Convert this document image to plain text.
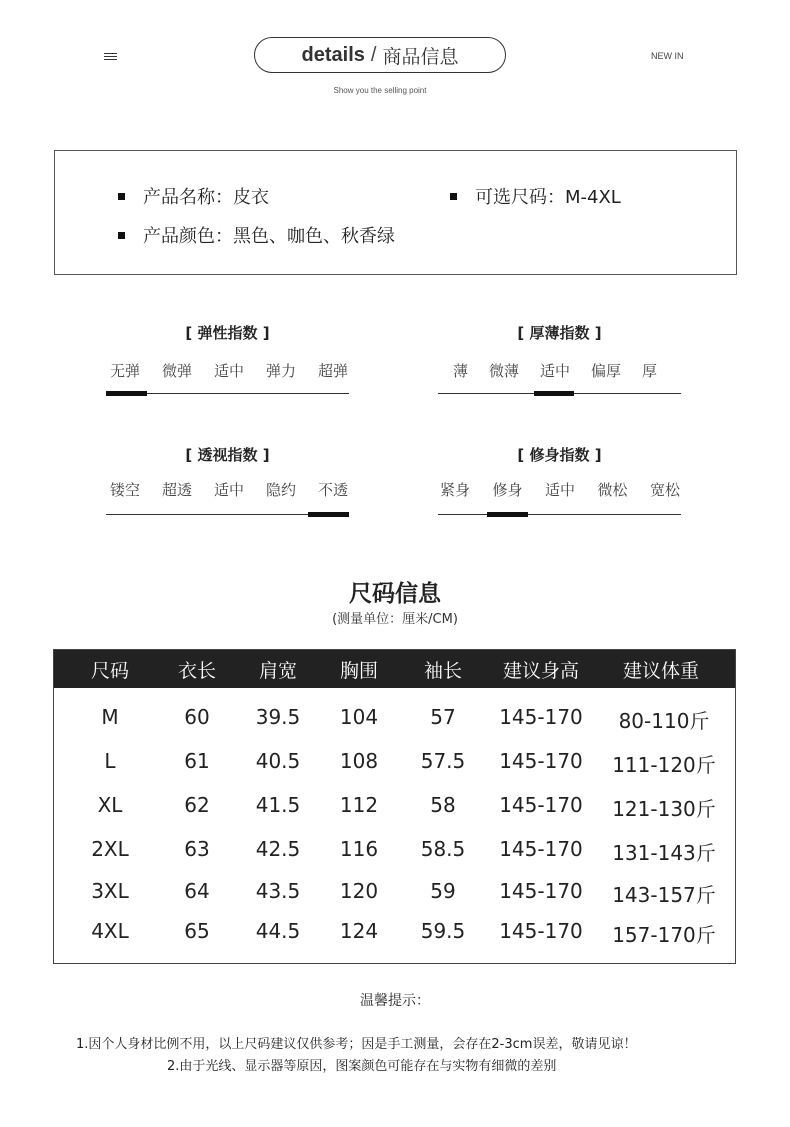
details / 商品信息
Show you the selling point
NEW IN
产品名称：皮衣	可选尺码：M-4XL
产品颜色：黑色、咖色、秋香绿
[ 弹性指数 ]
无弹 微弹 适中 弹力 超弹
[ 厚薄指数 ]
薄 微薄 适中 偏厚 厚
[ 透视指数 ]
镂空 超透 适中 隐约 不透
[ 修身指数 ]
紧身 修身 适中 微松 宽松
尺码信息
(测量单位：厘米/CM)
尺码	衣长	肩宽	胸围	袖长	建议身高	建议体重
M	60	39.5	104	57	145-170	80-110斤
L	61	40.5	108	57.5	145-170	111-120斤
XL	62	41.5	112	58	145-170	121-130斤
2XL	63	42.5	116	58.5	145-170	131-143斤
3XL	64	43.5	120	59	145-170	143-157斤
4XL	65	44.5	124	59.5	145-170	157-170斤
温馨提示：
1.因个人身材比例不用，以上尺码建议仅供参考；因是手工测量，会存在2-3cm误差，敬请见谅！
2.由于光线、显示器等原因，图案颜色可能存在与实物有细微的差别
